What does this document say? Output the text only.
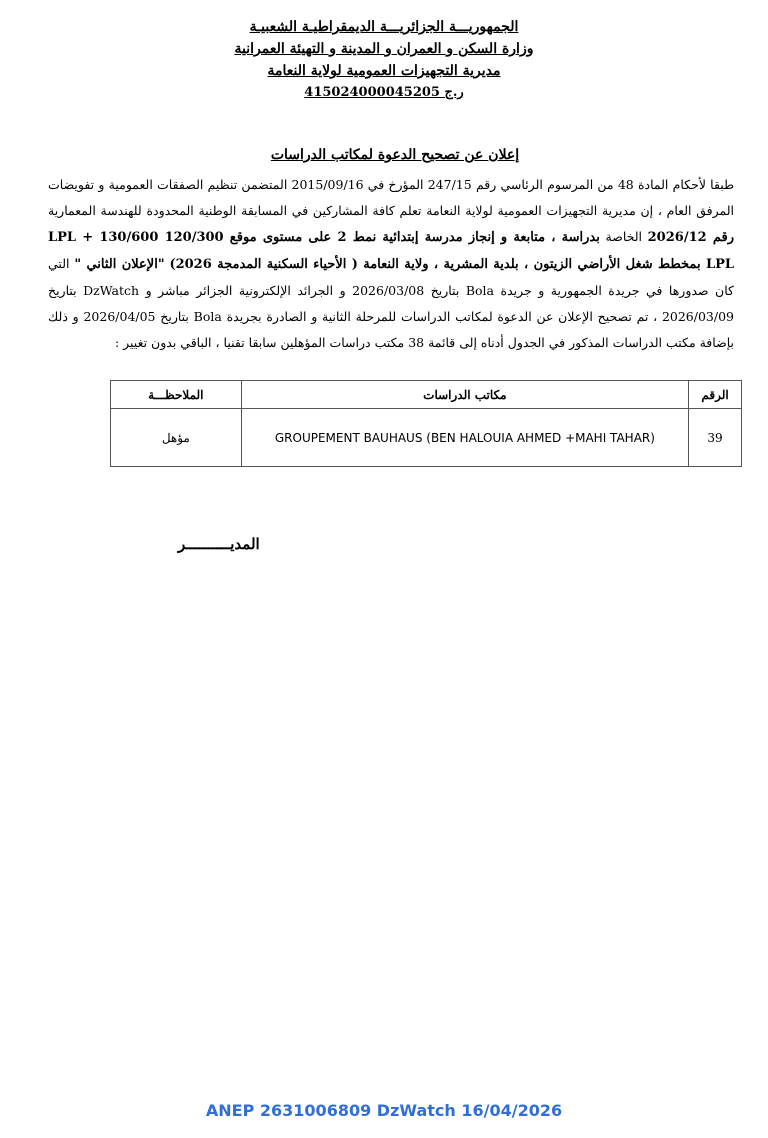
الجمهوريـــة الجزائريـــة الديمقراطيـة الشعبيـة
وزارة السكن و العمران و المدينة و التهيئة العمرانية
مديرية التجهيزات العمومية لولاية النعامة
ر.ج 415024000045205
إعلان عن تصحيح الدعوة لمكاتب الدراسات
طبقا لأحكام المادة 48 من المرسوم الرئاسي رقم 247/15 المؤرخ في 2015/09/16 المتضمن تنظيم الصفقات العمومية و تفويضات المرفق العام ، إن مديرية التجهيزات العمومية لولاية النعامة تعلم كافة المشاركين في المسابقة الوطنية المحدودة للهندسة المعمارية رقم 2026/12 الخاصة بدراسة ، متابعة و إنجاز مدرسة إبتدائية نمط 2 على مستوى موقع 120/300 LPL + 130/600 LPL بمخطط شغل الأراضي الزيتون ، بلدية المشرية ، ولاية النعامة ( الأحياء السكنية المدمجة 2026) "الإعلان الثاني " التي كان صدورها في جريدة الجمهورية و جريدة Bola بتاريخ 2026/03/08 و الجرائد الإلكترونية الجزائر مباشر و DzWatch بتاريخ 2026/03/09 ، تم تصحيح الإعلان عن الدعوة لمكاتب الدراسات للمرحلة الثانية و الصادرة بجريدة Bola بتاريخ 2026/04/05 و ذلك بإضافة مكتب الدراسات المذكور في الجدول أدناه إلى قائمة 38 مكتب دراسات المؤهلين سابقا تقنيا ، الباقي بدون تغيير :
الرقم	مكاتب الدراسات	الملاحظـــة
39	GROUPEMENT BAUHAUS (BEN HALOUIA AHMED +MAHI TAHAR)	مؤهل
المديــــــــــر
ANEP 2631006809 DzWatch 16/04/2026
